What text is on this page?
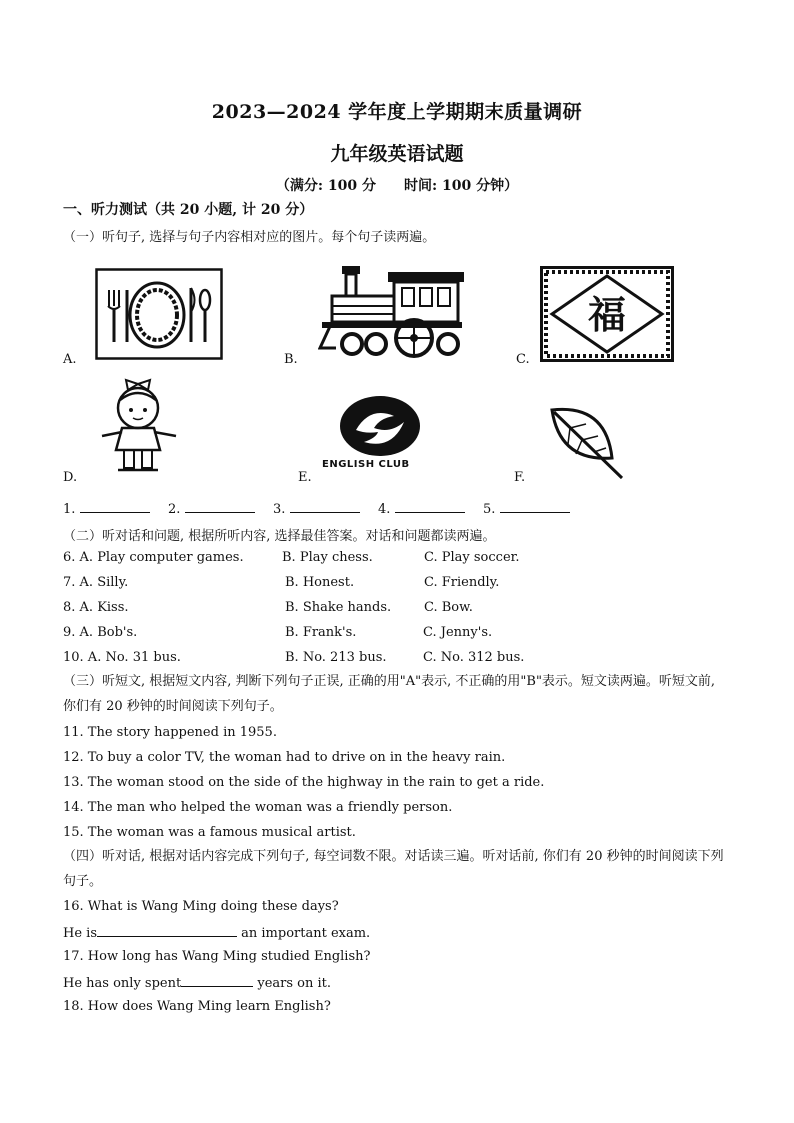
2023—2024 学年度上学期期末质量调研
九年级英语试题
（满分: 100 分 时间: 100 分钟）
一、听力测试（共 20 小题, 计 20 分）
（一）听句子, 选择与句子内容相对应的图片。每个句子读两遍。
A.	B.	C.
福
D.	E.
ENGLISH CLUB
F.
1.	2.	3.	4.	5.
（二）听对话和问题, 根据所听内容, 选择最佳答案。对话和问题都读两遍。
6. A. Play computer games.	B. Play chess.	C. Play soccer.
7. A. Silly.	B. Honest.	C. Friendly.
8. A. Kiss.	B. Shake hands.	C. Bow.
9. A. Bob's.	B. Frank's.	C. Jenny's.
10. A. No. 31 bus.	B. No. 213 bus.	C. No. 312 bus.
（三）听短文, 根据短文内容, 判断下列句子正误, 正确的用"A"表示, 不正确的用"B"表示。短文读两遍。听短文前, 你们有 20 秒钟的时间阅读下列句子。
11. The story happened in 1955.
12. To buy a color TV, the woman had to drive on in the heavy rain.
13. The woman stood on the side of the highway in the rain to get a ride.
14. The man who helped the woman was a friendly person.
15. The woman was a famous musical artist.
（四）听对话, 根据对话内容完成下列句子, 每空词数不限。对话读三遍。听对话前, 你们有 20 秒钟的时间阅读下列句子。
16. What is Wang Ming doing these days?
He is	an important exam.
17. How long has Wang Ming studied English?
He has only spent	years on it.
18. How does Wang Ming learn English?
